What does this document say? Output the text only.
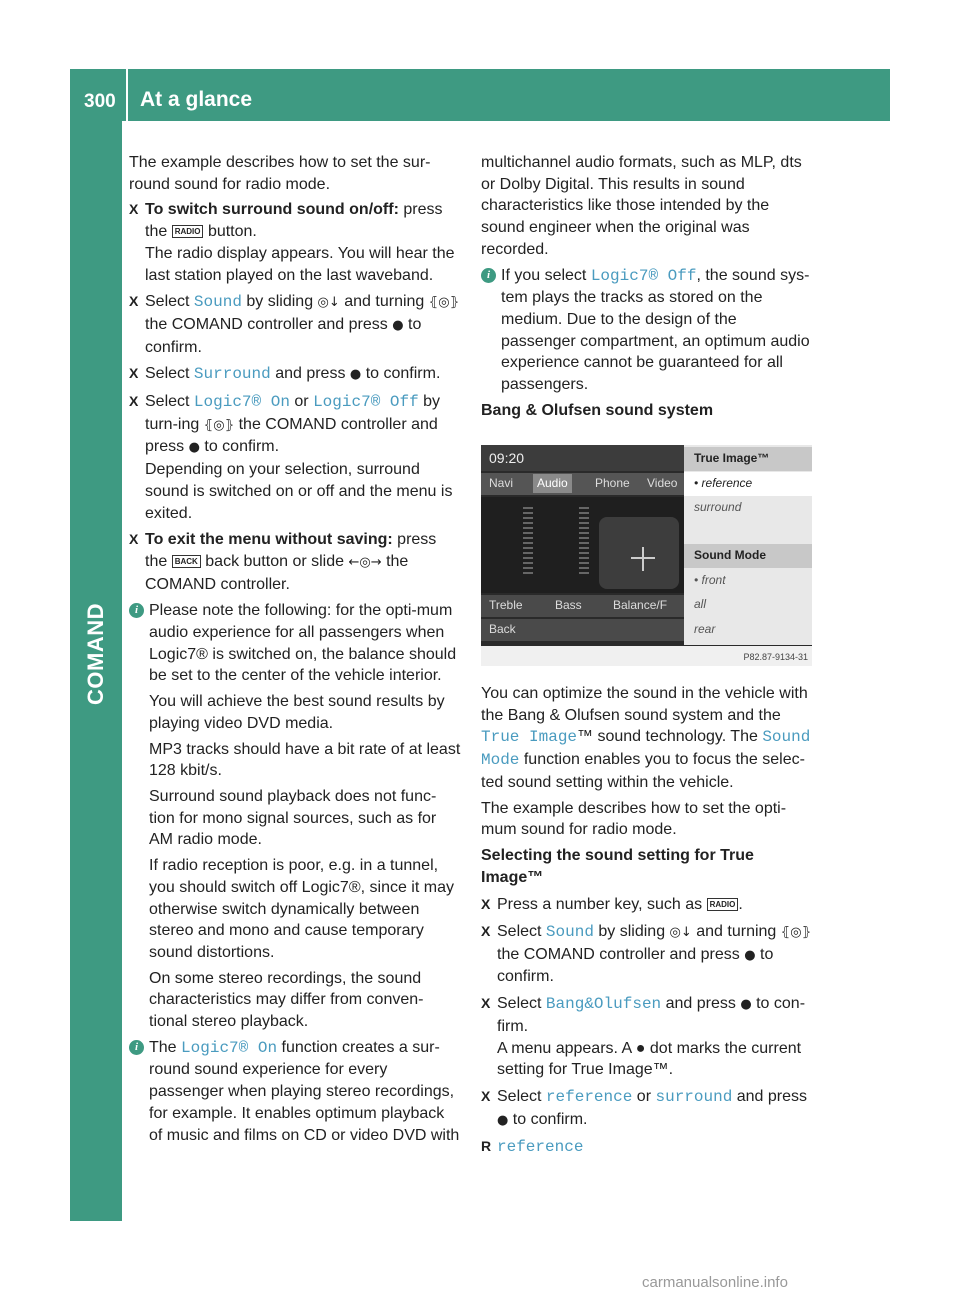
300 At a glance
COMAND

The example describes how to set the sur-round sound for radio mode.

X To switch surround sound on/off: press the RADIO button.
The radio display appears. You will hear the last station played on the last waveband.
X Select Sound by sliding ◎↓ and turning ⦃◎⦄ the COMAND controller and press ● to confirm.
X Select Surround and press ● to confirm.
X Select Logic7® On or Logic7® Off by turn-ing ⦃◎⦄ the COMAND controller and press ● to confirm.
Depending on your selection, surround sound is switched on or off and the menu is exited.
X To exit the menu without saving: press the BACK back button or slide ←◎→ the COMAND controller.
i Please note the following: for the opti-mum audio experience for all passengers when Logic7® is switched on, the balance should be set to the center of the vehicle interior.

You will achieve the best sound results by playing video DVD media.

MP3 tracks should have a bit rate of at least 128 kbit/s.

Surround sound playback does not func-tion for mono signal sources, such as for AM radio mode.

If radio reception is poor, e.g. in a tunnel, you should switch off Logic7®, since it may otherwise switch dynamically between stereo and mono and cause temporary sound distortions.

On some stereo recordings, the sound characteristics may differ from conven-tional stereo playback.

i The Logic7® On function creates a sur-round sound experience for every passenger when playing stereo recordings, for example. It enables optimum playback of music and films on CD or video DVD with

multichannel audio formats, such as MLP, dts or Dolby Digital. This results in sound characteristics like those intended by the sound engineer when the original was recorded.

i If you select Logic7® Off, the sound sys-tem plays the tracks as stored on the medium. Due to the design of the passenger compartment, an optimum audio experience cannot be guaranteed for all passengers.
Bang & Olufsen sound system
09:20
Navi	Audio	Phone Video
Treble	Bass	Balance/F
Back
True Image™
• reference
surround
Sound Mode
• front
all
rear
P82.87-9134-31

You can optimize the sound in the vehicle with the Bang & Olufsen sound system and the True Image™ sound technology. The Sound Mode function enables you to focus the selec-ted sound setting within the vehicle.

The example describes how to set the opti-mum sound for radio mode.

Selecting the sound setting for True Image™
X Press a number key, such as RADIO .
X Select Sound by sliding ◎↓ and turning ⦃◎⦄ the COMAND controller and press ● to confirm.
X Select Bang&Olufsen and press ● to con-firm.
A menu appears. A ● dot marks the current setting for True Image™.
X Select reference or surround and press ● to confirm.
R reference
carmanualsonline.info
